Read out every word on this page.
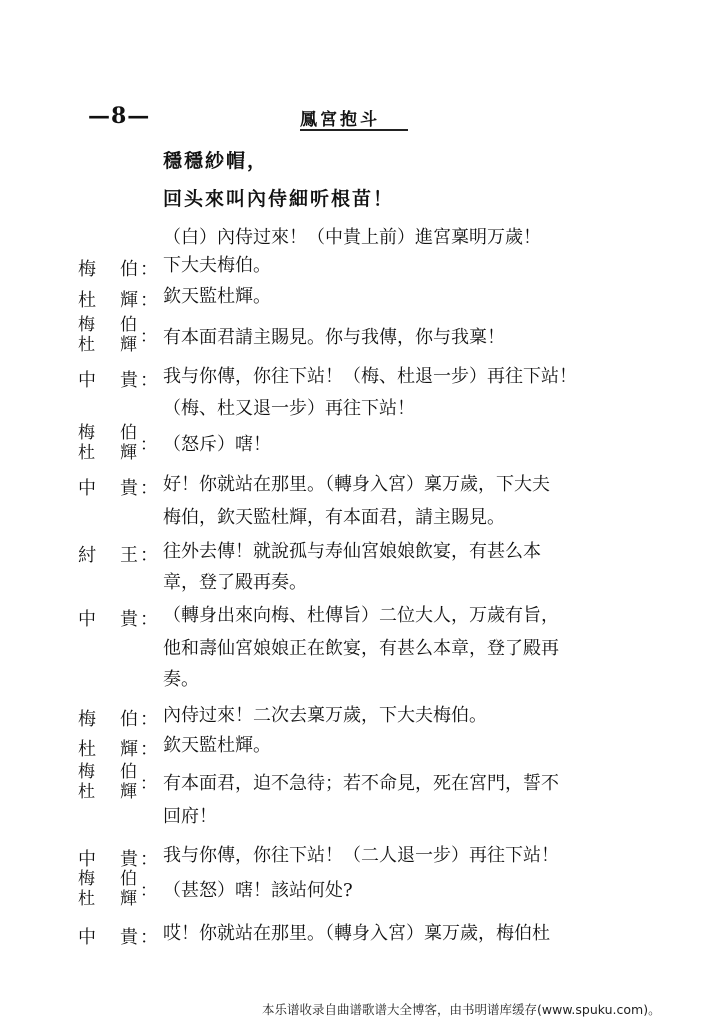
—8—	鳳宮抱斗
穩穩紗帽，
回头來叫內侍細听根苗！
（白）內侍过來！（中貴上前）進宮稟明万歲！
梅 伯 ： 下大夫梅伯。
杜 輝 ： 欽天監杜輝。
梅 伯
杜 輝 ： 有本面君請主賜見。你与我傳，你与我稟！
中 貴 ： 我与你傳，你往下站！（梅、杜退一步）再往下站！
（梅、杜又退一步）再往下站！
梅 伯
杜 輝 ： （怒斥）嗐！
中 貴 ： 好！你就站在那里。（轉身入宮）稟万歲，下大夫
梅伯，欽天監杜輝，有本面君，請主賜見。
紂 王 ： 往外去傳！就說孤与寿仙宮娘娘飲宴，有甚么本
章，登了殿再奏。
中 貴 ： （轉身出來向梅、杜傳旨）二位大人，万歲有旨，
他和壽仙宮娘娘正在飲宴，有甚么本章，登了殿再
奏。
梅 伯 ： 內侍过來！二次去稟万歲，下大夫梅伯。
杜 輝 ： 欽天監杜輝。
梅 伯
杜 輝 ： 有本面君，迫不急待；若不命見，死在宮門，誓不
回府！
中 貴 ： 我与你傳，你往下站！（二人退一步）再往下站！
梅 伯
杜 輝 ： （甚怒）嗐！該站何处?
中 貴 ： 哎！你就站在那里。（轉身入宮）稟万歲，梅伯杜
本乐谱收录自曲谱歌谱大全博客，由书明谱库缓存(www.spuku.com)。
